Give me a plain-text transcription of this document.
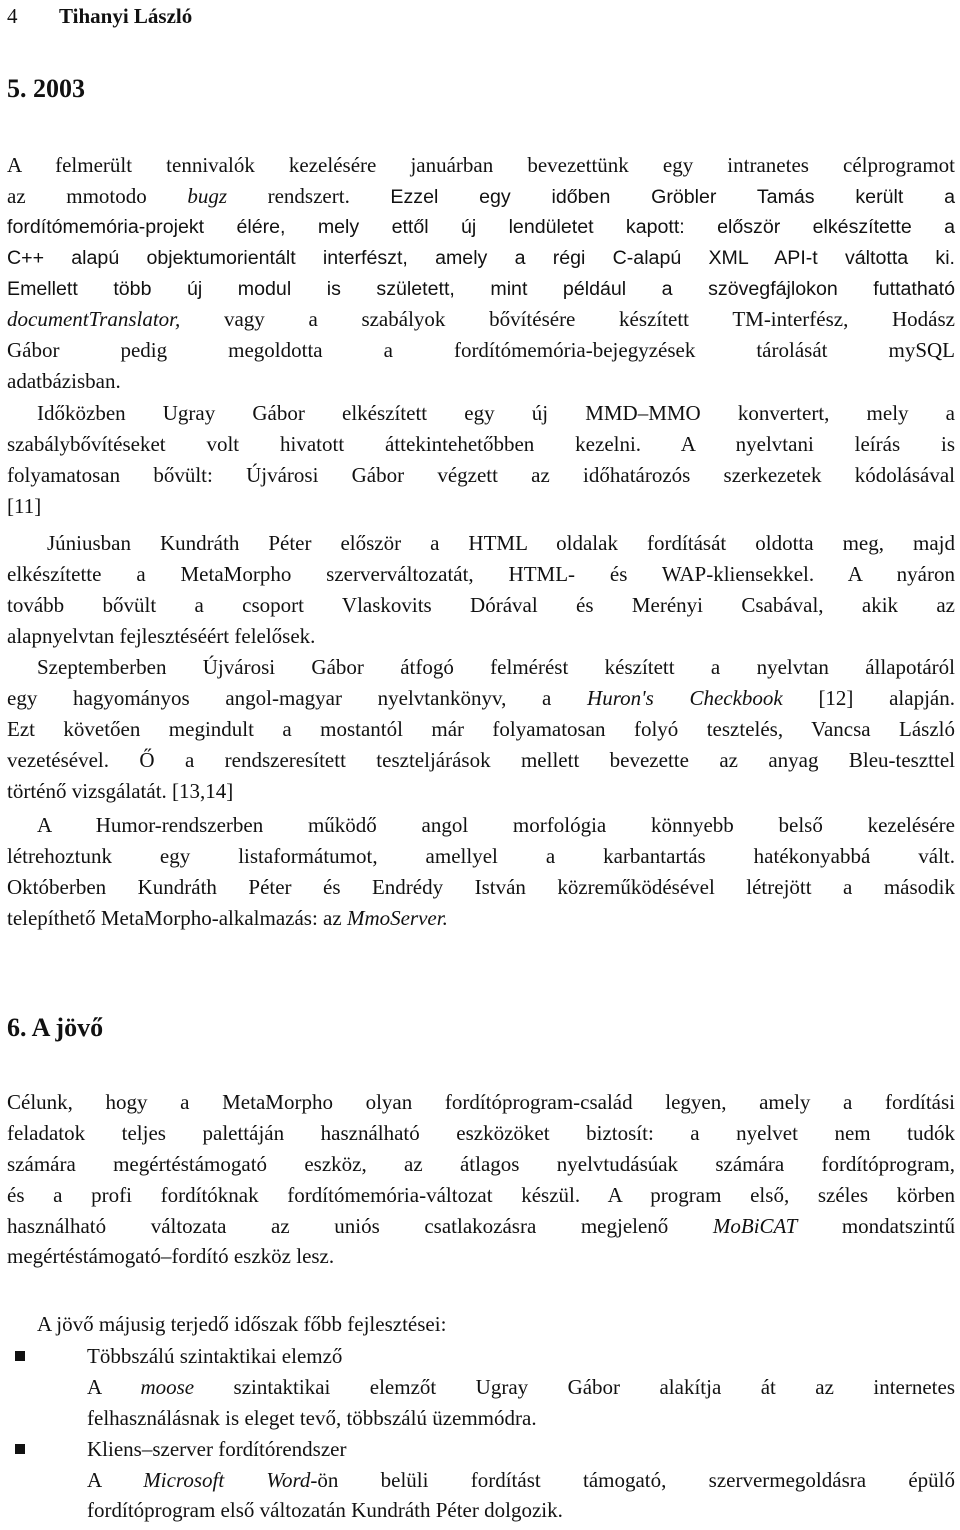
4 Tihanyi László
5. 2003
A felmerült tennivalók kezelésére januárban bevezettünk egy intranetes célprogramot
az mmotodo bugz rendszert. Ezzel egy időben Gröbler Tamás került a
fordítómemória-projekt élére, mely ettől új lendületet kapott: először elkészítette a
C++ alapú objektumorientált interfészt, amely a régi C-alapú XML API-t váltotta ki.
Emellett több új modul is született, mint például a szövegfájlokon futtatható
documentTranslator, vagy a szabályok bővítésére készített TM-interfész, Hodász
Gábor pedig megoldotta a fordítómemória-bejegyzések tárolását mySQL
adatbázisban.
Időközben Ugray Gábor elkészített egy új MMD–MMO konvertert, mely a
szabálybővítéseket volt hivatott áttekintehetőbben kezelni. A nyelvtani leírás is
folyamatosan bővült: Újvárosi Gábor végzett az időhatározós szerkezetek kódolásával
[11]
Júniusban Kundráth Péter először a HTML oldalak fordítását oldotta meg, majd
elkészítette a MetaMorpho szerverváltozatát, HTML- és WAP-kliensekkel. A nyáron
tovább bővült a csoport Vlaskovits Dórával és Merényi Csabával, akik az
alapnyelvtan fejlesztéséért felelősek.
Szeptemberben Újvárosi Gábor átfogó felmérést készített a nyelvtan állapotáról
egy hagyományos angol-magyar nyelvtankönyv, a Huron's Checkbook [12] alapján.
Ezt követően megindult a mostantól már folyamatosan folyó tesztelés, Vancsa László
vezetésével. Ő a rendszeresített teszteljárások mellett bevezette az anyag Bleu-teszttel
történő vizsgálatát. [13,14]
A Humor-rendszerben működő angol morfológia könnyebb belső kezelésére
létrehoztunk egy listaformátumot, amellyel a karbantartás hatékonyabbá vált.
Októberben Kundráth Péter és Endrédy István közreműködésével létrejött a második
telepíthető MetaMorpho-alkalmazás: az MmoServer.
6. A jövő
Célunk, hogy a MetaMorpho olyan fordítóprogram-család legyen, amely a fordítási
feladatok teljes palettáján használható eszközöket biztosít: a nyelvet nem tudók
számára megértéstámogató eszköz, az átlagos nyelvtudásúak számára fordítóprogram,
és a profi fordítóknak fordítómemória-változat készül. A program első, széles körben
használható változata az uniós csatlakozásra megjelenő MoBiCAT mondatszintű
megértéstámogató–fordító eszköz lesz.
A jövő májusig terjedő időszak főbb fejlesztései:
Többszálú szintaktikai elemző
A moose szintaktikai elemzőt Ugray Gábor alakítja át az internetes
felhasználásnak is eleget tevő, többszálú üzemmódra.
Kliens–szerver fordítórendszer
A Microsoft Word-ön belüli fordítást támogató, szervermegoldásra épülő
fordítóprogram első változatán Kundráth Péter dolgozik.
